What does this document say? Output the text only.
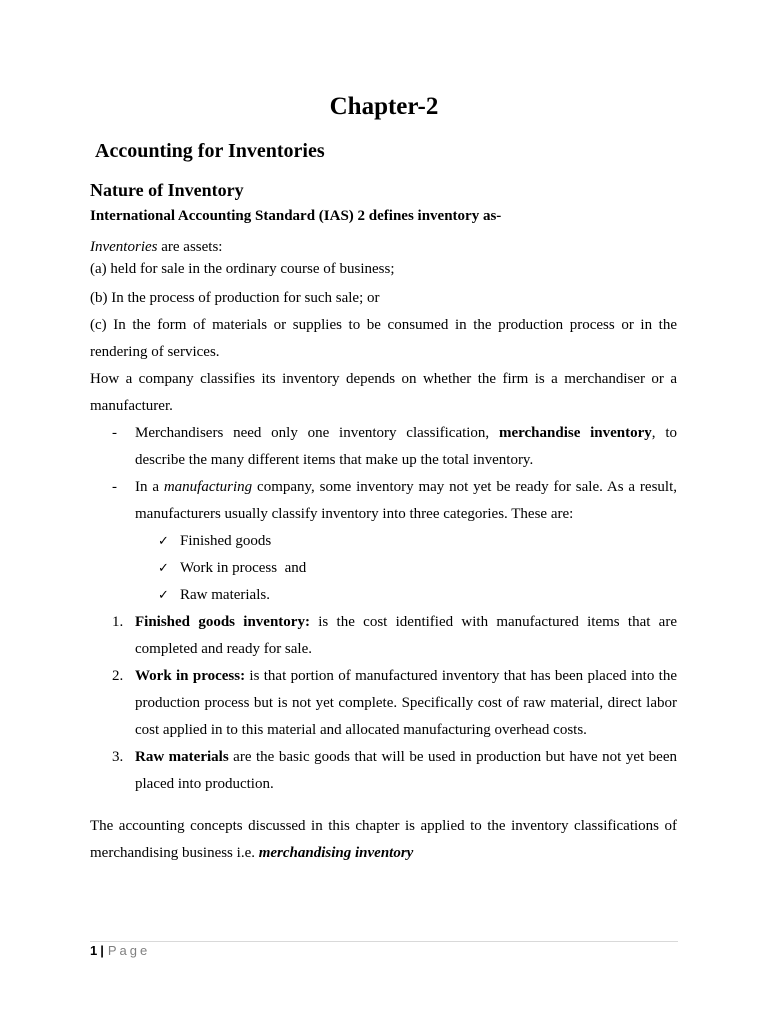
Chapter-2
Accounting for Inventories
Nature of Inventory
International Accounting Standard (IAS) 2 defines inventory as-

Inventories are assets:

(a) held for sale in the ordinary course of business;

(b) In the process of production for such sale; or

(c) In the form of materials or supplies to be consumed in the production process or in the rendering of services.

How a company classifies its inventory depends on whether the firm is a merchandiser or a manufacturer.

-	Merchandisers need only one inventory classification, merchandise inventory, to describe the many different items that make up the total inventory.
-	In a manufacturing company, some inventory may not yet be ready for sale. As a result, manufacturers usually classify inventory into three categories. These are:
✓ Finished goods
✓ Work in process  and
✓ Raw materials.
1. Finished goods inventory: is the cost identified with manufactured items that are completed and ready for sale.
2. Work in process: is that portion of manufactured inventory that has been placed into the production process but is not yet complete. Specifically cost of raw material, direct labor cost applied in to this material and allocated manufacturing overhead costs.
3. Raw materials are the basic goods that will be used in production but have not yet been placed into production.

The accounting concepts discussed in this chapter is applied to the inventory classifications of merchandising business i.e. merchandising inventory

1 | Page
